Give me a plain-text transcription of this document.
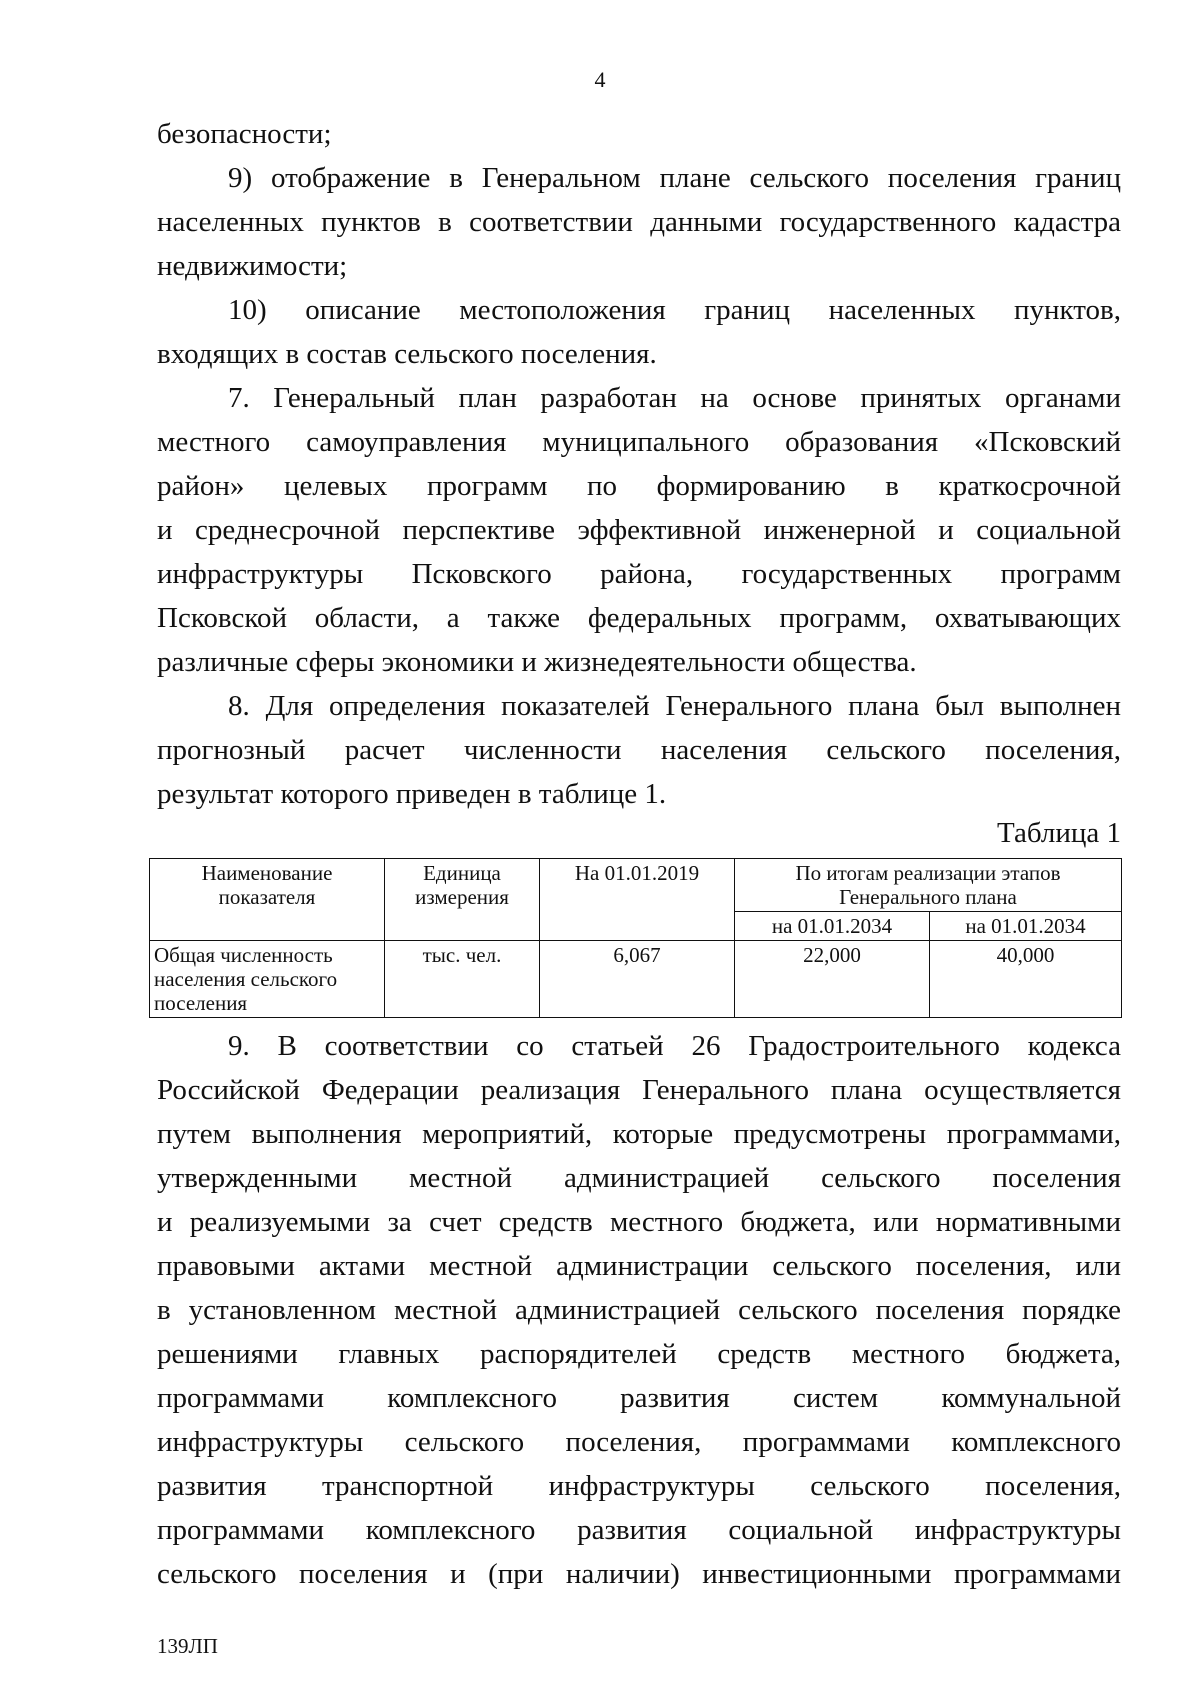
4
безопасности;
9) отображение в Генеральном плане сельского поселения границ
населенных пунктов в соответствии данными государственного кадастра
недвижимости;
10) описание местоположения границ населенных пунктов,
входящих в состав сельского поселения.
7. Генеральный план разработан на основе принятых органами
местного самоуправления муниципального образования «Псковский
район» целевых программ по формированию в краткосрочной
и среднесрочной перспективе эффективной инженерной и социальной
инфраструктуры Псковского района, государственных программ
Псковской области, а также федеральных программ, охватывающих
различные сферы экономики и жизнедеятельности общества.
8. Для определения показателей Генерального плана был выполнен
прогнозный расчет численности населения сельского поселения,
результат которого приведен в таблице 1.
Таблица 1
Наименование показателя	Единица измерения	На 01.01.2019	По итогам реализации этапов Генерального плана	
			на 01.01.2034	на 01.01.2034
Общая численность населения сельского поселения	тыс. чел.	6,067	22,000	40,000
9. В соответствии со статьей 26 Градостроительного кодекса
Российской Федерации реализация Генерального плана осуществляется
путем выполнения мероприятий, которые предусмотрены программами,
утвержденными местной администрацией сельского поселения
и реализуемыми за счет средств местного бюджета, или нормативными
правовыми актами местной администрации сельского поселения, или
в установленном местной администрацией сельского поселения порядке
решениями главных распорядителей средств местного бюджета,
программами комплексного развития систем коммунальной
инфраструктуры сельского поселения, программами комплексного
развития транспортной инфраструктуры сельского поселения,
программами комплексного развития социальной инфраструктуры
сельского поселения и (при наличии) инвестиционными программами
139ЛП
